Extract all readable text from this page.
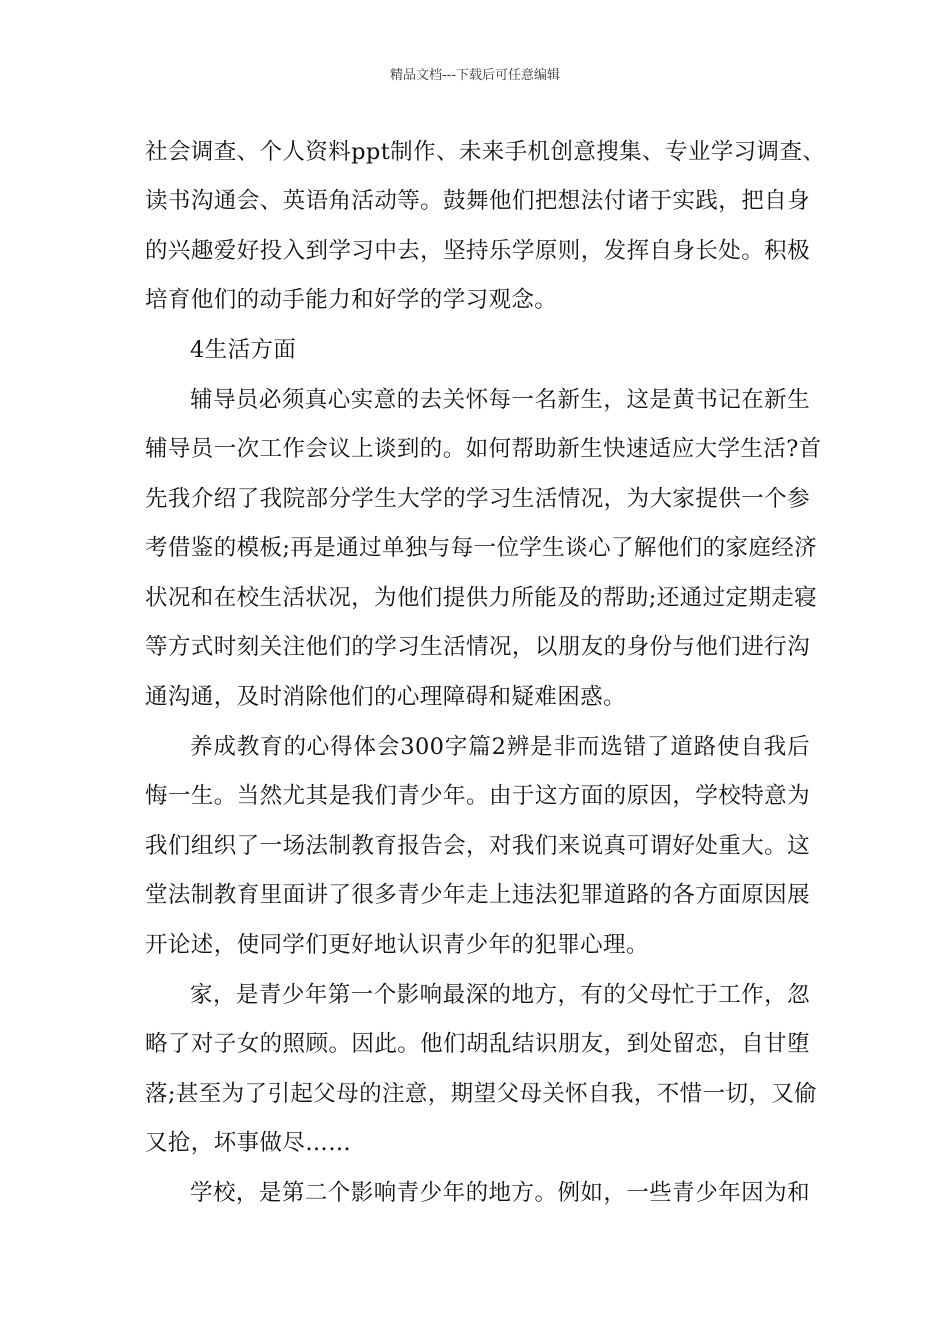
精品文档---下载后可任意编辑
社会调查、个人资料ppt制作、未来手机创意搜集、专业学习调查、
读书沟通会、英语角活动等。鼓舞他们把想法付诸于实践，把自身
的兴趣爱好投入到学习中去，坚持乐学原则，发挥自身长处。积极
培育他们的动手能力和好学的学习观念。
4生活方面
辅导员必须真心实意的去关怀每一名新生，这是黄书记在新生
辅导员一次工作会议上谈到的。如何帮助新生快速适应大学生活?首
先我介绍了我院部分学生大学的学习生活情况，为大家提供一个参
考借鉴的模板;再是通过单独与每一位学生谈心了解他们的家庭经济
状况和在校生活状况，为他们提供力所能及的帮助;还通过定期走寝
等方式时刻关注他们的学习生活情况，以朋友的身份与他们进行沟
通沟通，及时消除他们的心理障碍和疑难困惑。
养成教育的心得体会300字篇2辨是非而选错了道路使自我后
悔一生。当然尤其是我们青少年。由于这方面的原因，学校特意为
我们组织了一场法制教育报告会，对我们来说真可谓好处重大。这
堂法制教育里面讲了很多青少年走上违法犯罪道路的各方面原因展
开论述，使同学们更好地认识青少年的犯罪心理。
家，是青少年第一个影响最深的地方，有的父母忙于工作，忽
略了对子女的照顾。因此。他们胡乱结识朋友，到处留恋，自甘堕
落;甚至为了引起父母的注意，期望父母关怀自我，不惜一切，又偷
又抢，坏事做尽……
学校，是第二个影响青少年的地方。例如，一些青少年因为和
